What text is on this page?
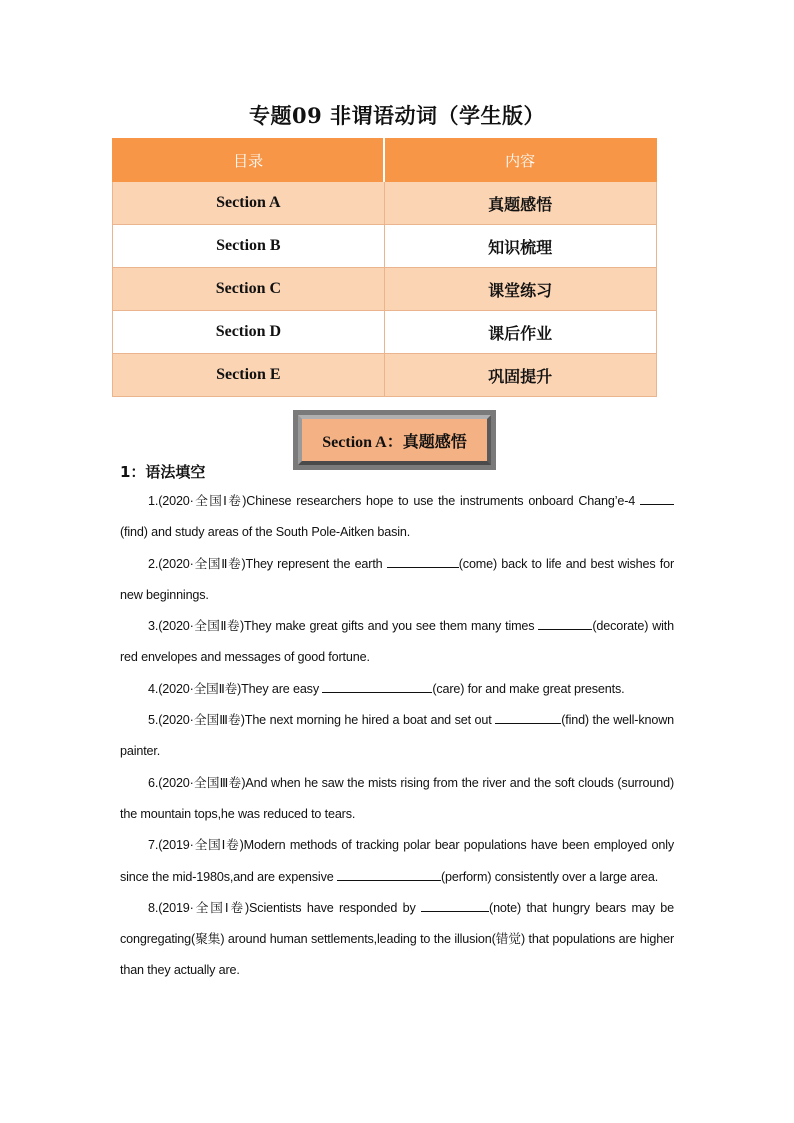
专题09 非谓语动词（学生版）
目录	内容
Section A	真题感悟
Section B	知识梳理
Section C	课堂练习
Section D	课后作业
Section E	巩固提升
Section A：真题感悟
1：语法填空

1.(2020·全国Ⅰ卷)Chinese researchers hope to use the instruments onboard Chang’e-4 (find) and study areas of the South Pole-Aitken basin.

2.(2020·全国Ⅱ卷)They represent the earth	(come) back to life and best wishes for new beginnings.

3.(2020·全国Ⅱ卷)They make great gifts and you see them many times	(decorate) with red envelopes and messages of good fortune.

4.(2020·全国Ⅱ卷)They are easy	(care) for and make great presents.

5.(2020·全国Ⅲ卷)The next morning he hired a boat and set out	(find) the well-known painter.

6.(2020·全国Ⅲ卷)And when he saw the mists rising from the river and the soft clouds (surround) the mountain tops,he was reduced to tears.

7.(2019·全国Ⅰ卷)Modern methods of tracking polar bear populations have been employed only since the mid-1980s,and are expensive	(perform) consistently over a large area.

8.(2019·全国Ⅰ卷)Scientists have responded by	(note) that hungry bears may be congregating(聚集) around human settlements,leading to the illusion(错觉) that populations are higher than they actually are.
